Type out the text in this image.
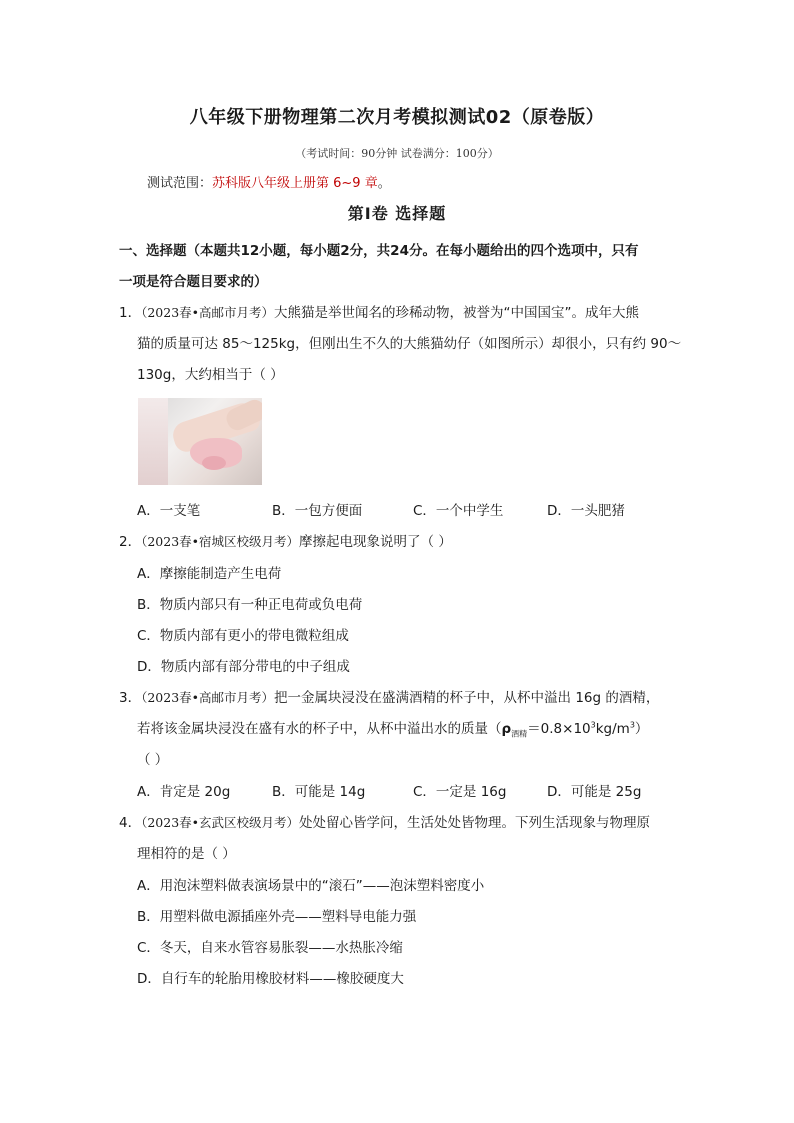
八年级下册物理第二次月考模拟测试02（原卷版）
（考试时间：90分钟 试卷满分：100分）
测试范围：苏科版八年级上册第 6~9 章。
第Ⅰ卷 选择题
一、选择题（本题共12小题，每小题2分，共24分。在每小题给出的四个选项中，只有
一项是符合题目要求的）
1．（2023春•高邮市月考）大熊猫是举世闻名的珍稀动物，被誉为“中国国宝”。成年大熊
猫的质量可达 85～125kg，但刚出生不久的大熊猫幼仔（如图所示）却很小，只有约 90～
130g，大约相当于（ ）
A．一支笔	B．一包方便面	C．一个中学生	D．一头肥猪
2．（2023春•宿城区校级月考）摩擦起电现象说明了（ ）
A．摩擦能制造产生电荷
B．物质内部只有一种正电荷或负电荷
C．物质内部有更小的带电微粒组成
D．物质内部有部分带电的中子组成
3．（2023春•高邮市月考）把一金属块浸没在盛满酒精的杯子中，从杯中溢出 16g 的酒精，
若将该金属块浸没在盛有水的杯子中，从杯中溢出水的质量$(\rho_{酒精}=0.8\times 10^3kg/m^3)$
（ ）
A．肯定是 20g	B．可能是 14g	C．一定是 16g	D．可能是 25g
4．（2023春•玄武区校级月考）处处留心皆学问，生活处处皆物理。下列生活现象与物理原
理相符的是（ ）
A．用泡沫塑料做表演场景中的“滚石”——泡沫塑料密度小
B．用塑料做电源插座外壳——塑料导电能力强
C．冬天，自来水管容易胀裂——水热胀冷缩
D．自行车的轮胎用橡胶材料——橡胶硬度大
